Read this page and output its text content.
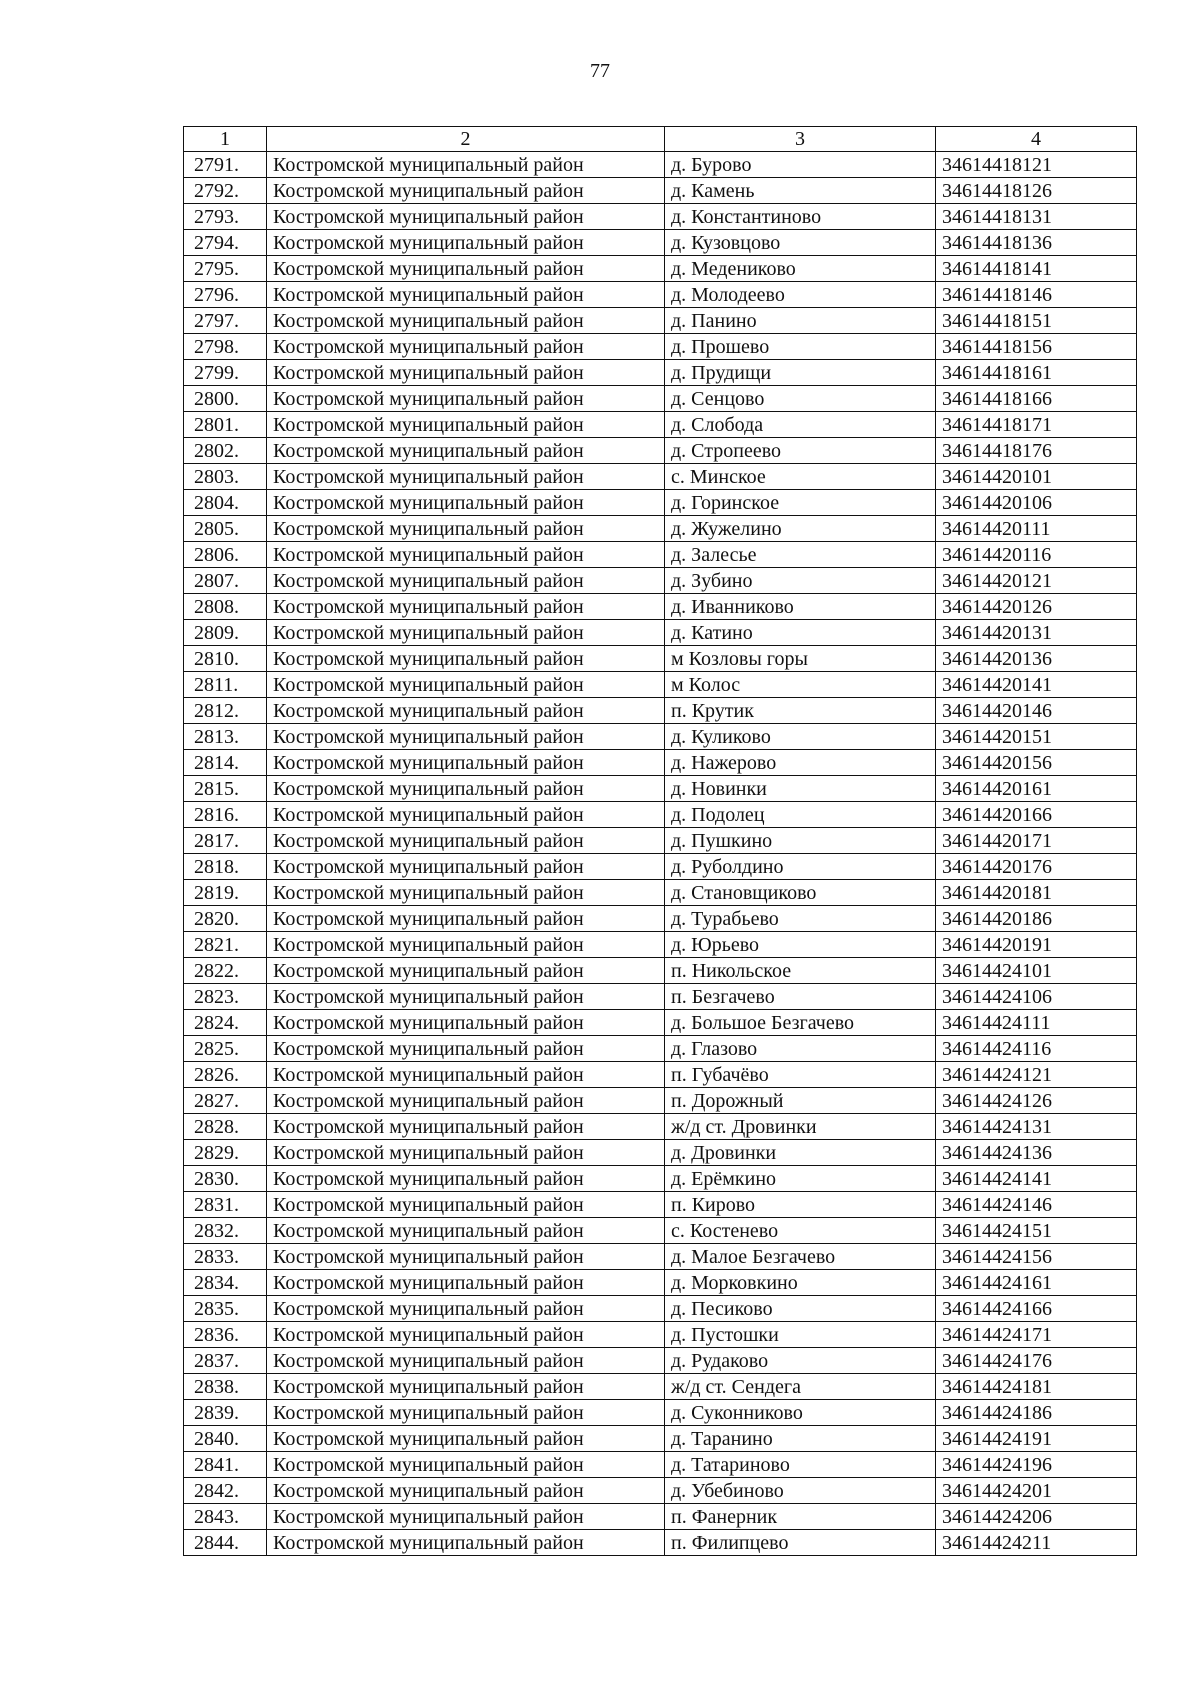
77
1	2	3	4
2791.	Костромской муниципальный район	д. Бурово	34614418121
2792.	Костромской муниципальный район	д. Камень	34614418126
2793.	Костромской муниципальный район	д. Константиново	34614418131
2794.	Костромской муниципальный район	д. Кузовцово	34614418136
2795.	Костромской муниципальный район	д. Медениково	34614418141
2796.	Костромской муниципальный район	д. Молодеево	34614418146
2797.	Костромской муниципальный район	д. Панино	34614418151
2798.	Костромской муниципальный район	д. Прошево	34614418156
2799.	Костромской муниципальный район	д. Прудищи	34614418161
2800.	Костромской муниципальный район	д. Сенцово	34614418166
2801.	Костромской муниципальный район	д. Слобода	34614418171
2802.	Костромской муниципальный район	д. Стропеево	34614418176
2803.	Костромской муниципальный район	с. Минское	34614420101
2804.	Костромской муниципальный район	д. Горинское	34614420106
2805.	Костромской муниципальный район	д. Жужелино	34614420111
2806.	Костромской муниципальный район	д. Залесье	34614420116
2807.	Костромской муниципальный район	д. Зубино	34614420121
2808.	Костромской муниципальный район	д. Иванниково	34614420126
2809.	Костромской муниципальный район	д. Катино	34614420131
2810.	Костромской муниципальный район	м Козловы горы	34614420136
2811.	Костромской муниципальный район	м Колос	34614420141
2812.	Костромской муниципальный район	п. Крутик	34614420146
2813.	Костромской муниципальный район	д. Куликово	34614420151
2814.	Костромской муниципальный район	д. Нажерово	34614420156
2815.	Костромской муниципальный район	д. Новинки	34614420161
2816.	Костромской муниципальный район	д. Подолец	34614420166
2817.	Костромской муниципальный район	д. Пушкино	34614420171
2818.	Костромской муниципальный район	д. Руболдино	34614420176
2819.	Костромской муниципальный район	д. Становщиково	34614420181
2820.	Костромской муниципальный район	д. Турабьево	34614420186
2821.	Костромской муниципальный район	д. Юрьево	34614420191
2822.	Костромской муниципальный район	п. Никольское	34614424101
2823.	Костромской муниципальный район	п. Безгачево	34614424106
2824.	Костромской муниципальный район	д. Большое Безгачево	34614424111
2825.	Костромской муниципальный район	д. Глазово	34614424116
2826.	Костромской муниципальный район	п. Губачёво	34614424121
2827.	Костромской муниципальный район	п. Дорожный	34614424126
2828.	Костромской муниципальный район	ж/д ст. Дровинки	34614424131
2829.	Костромской муниципальный район	д. Дровинки	34614424136
2830.	Костромской муниципальный район	д. Ерёмкино	34614424141
2831.	Костромской муниципальный район	п. Кирово	34614424146
2832.	Костромской муниципальный район	с. Костенево	34614424151
2833.	Костромской муниципальный район	д. Малое Безгачево	34614424156
2834.	Костромской муниципальный район	д. Морковкино	34614424161
2835.	Костромской муниципальный район	д. Песиково	34614424166
2836.	Костромской муниципальный район	д. Пустошки	34614424171
2837.	Костромской муниципальный район	д. Рудаково	34614424176
2838.	Костромской муниципальный район	ж/д ст. Сендега	34614424181
2839.	Костромской муниципальный район	д. Суконниково	34614424186
2840.	Костромской муниципальный район	д. Таранино	34614424191
2841.	Костромской муниципальный район	д. Татариново	34614424196
2842.	Костромской муниципальный район	д. Убебиново	34614424201
2843.	Костромской муниципальный район	п. Фанерник	34614424206
2844.	Костромской муниципальный район	п. Филипцево	34614424211
